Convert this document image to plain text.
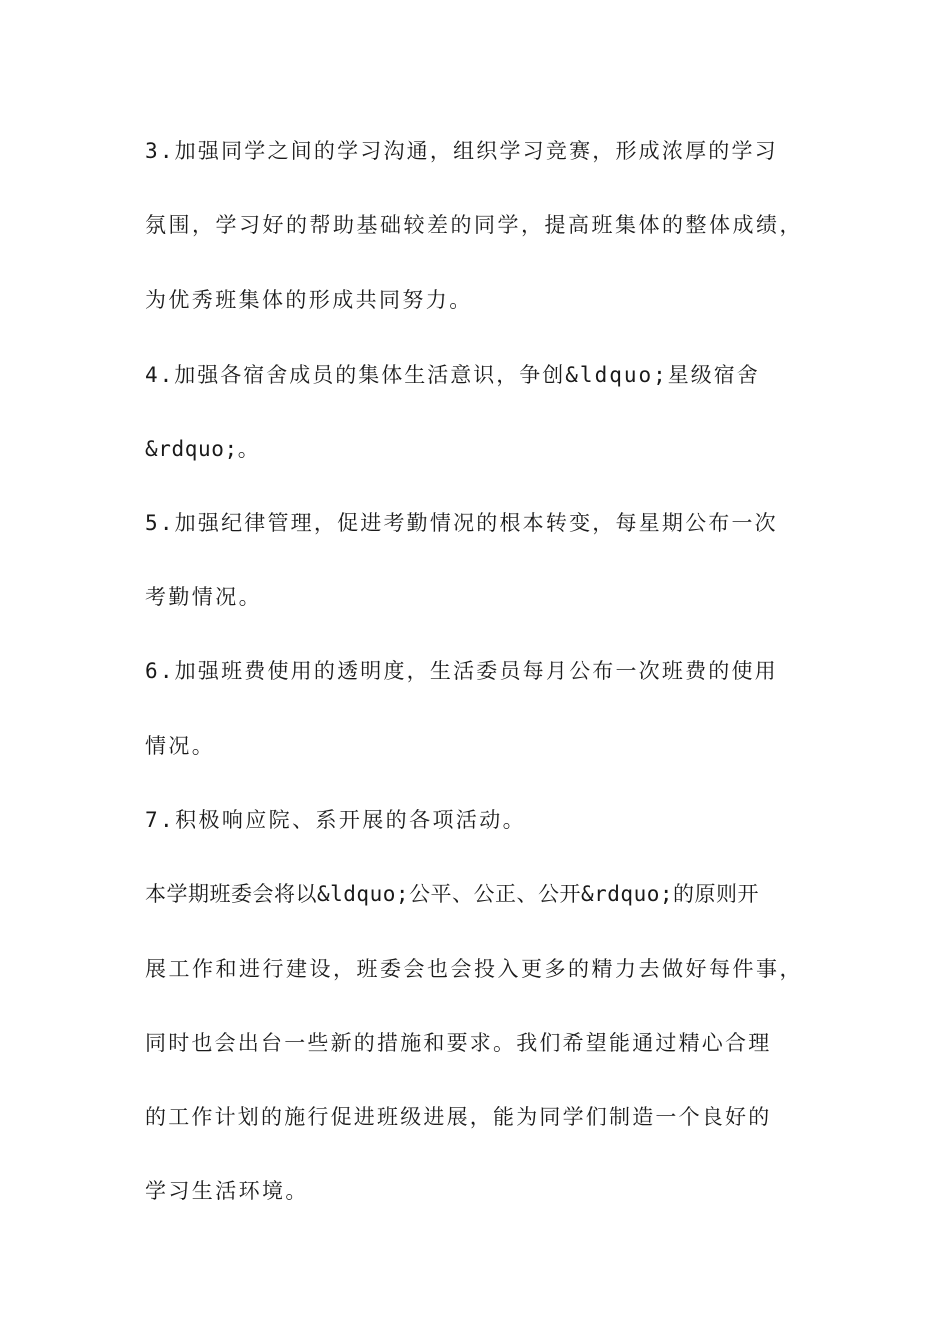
3.加强同学之间的学习沟通，组织学习竞赛，形成浓厚的学习
氛围，学习好的帮助基础较差的同学，提高班集体的整体成绩，
为优秀班集体的形成共同努力。
4.加强各宿舍成员的集体生活意识，争创&ldquo;星级宿舍
&rdquo;。
5.加强纪律管理，促进考勤情况的根本转变，每星期公布一次
考勤情况。
6.加强班费使用的透明度，生活委员每月公布一次班费的使用
情况。
7.积极响应院、系开展的各项活动。
本学期班委会将以&ldquo;公平、公正、公开&rdquo;的原则开
展工作和进行建设，班委会也会投入更多的精力去做好每件事，
同时也会出台一些新的措施和要求。我们希望能通过精心合理
的工作计划的施行促进班级进展，能为同学们制造一个良好的
学习生活环境。
